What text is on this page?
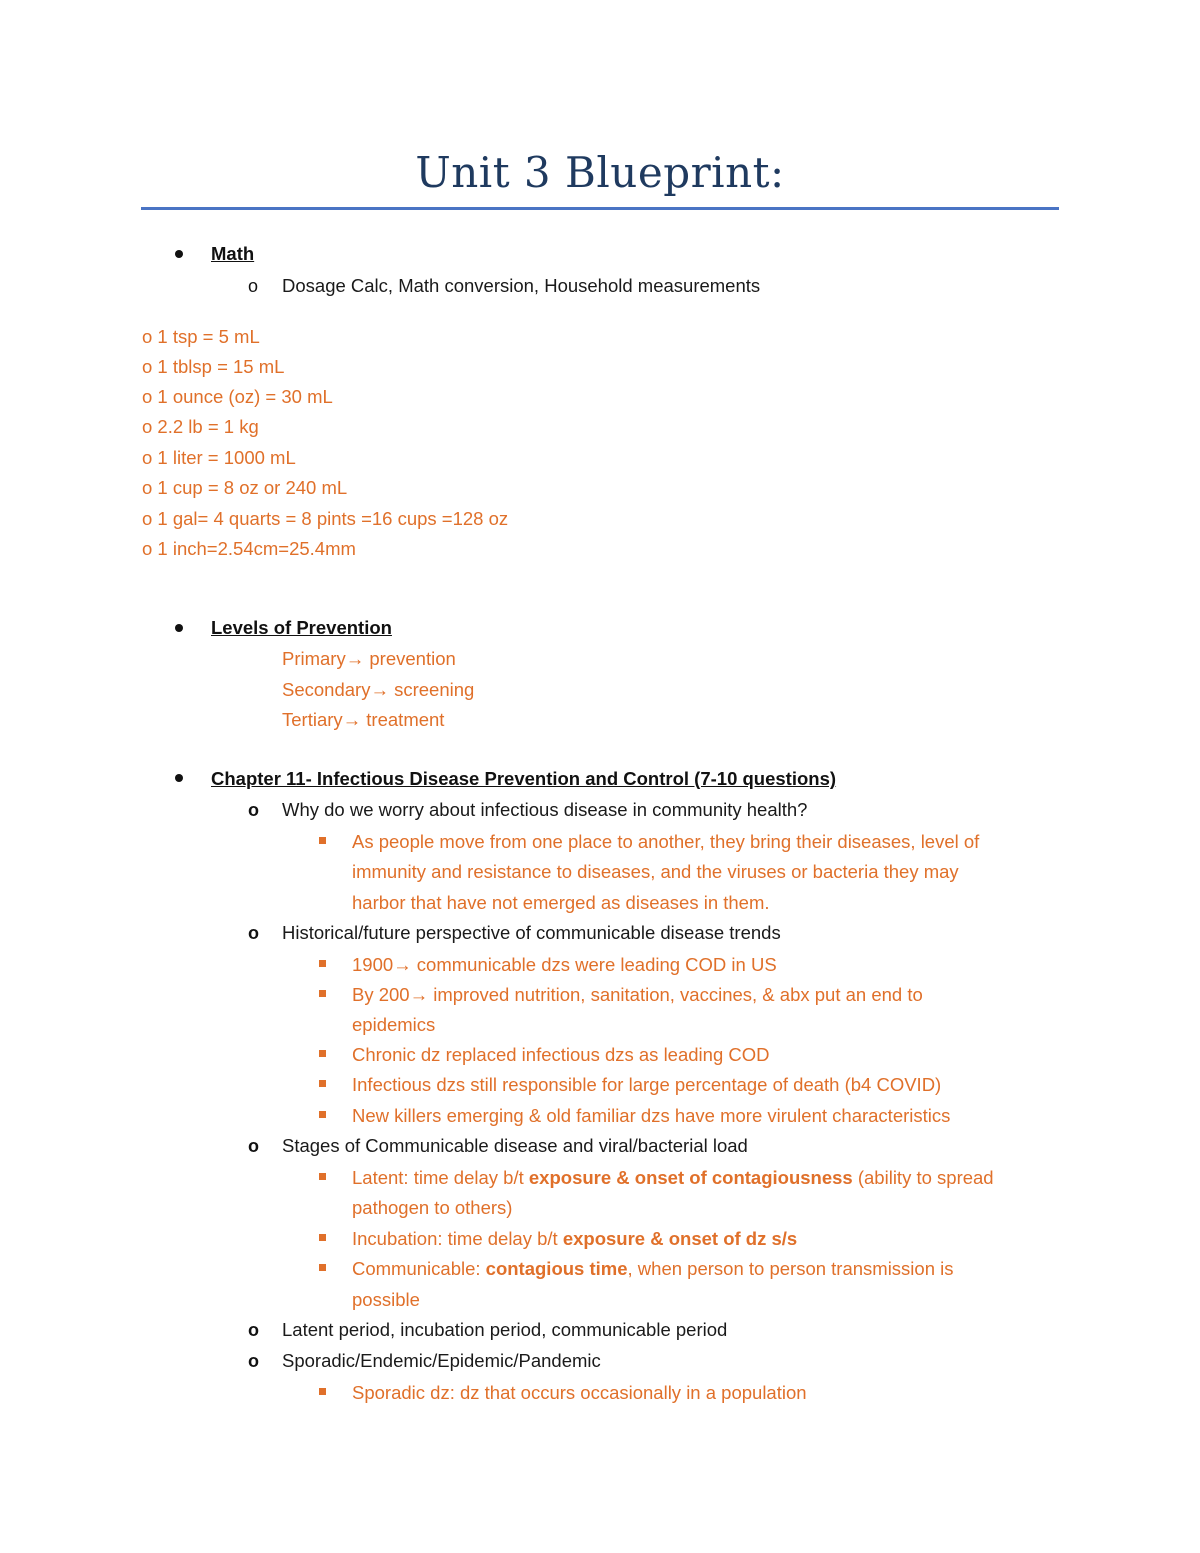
Unit 3 Blueprint:
Math
o Dosage Calc, Math conversion, Household measurements
o 1 tsp = 5 mL
o 1 tblsp = 15 mL
o 1 ounce (oz) = 30 mL
o 2.2 lb = 1 kg
o 1 liter = 1000 mL
o 1 cup = 8 oz or 240 mL
o 1 gal= 4 quarts = 8 pints =16 cups =128 oz
o 1 inch=2.54cm=25.4mm
Levels of Prevention
Primary→ prevention
Secondary→ screening
Tertiary→ treatment
Chapter 11- Infectious Disease Prevention and Control (7-10 questions)
o Why do we worry about infectious disease in community health?
As people move from one place to another, they bring their diseases, level of
immunity and resistance to diseases, and the viruses or bacteria they may
harbor that have not emerged as diseases in them.
o Historical/future perspective of communicable disease trends
1900→ communicable dzs were leading COD in US
By 200→ improved nutrition, sanitation, vaccines, & abx put an end to
epidemics
Chronic dz replaced infectious dzs as leading COD
Infectious dzs still responsible for large percentage of death (b4 COVID)
New killers emerging & old familiar dzs have more virulent characteristics
o Stages of Communicable disease and viral/bacterial load
Latent: time delay b/t exposure & onset of contagiousness (ability to spread
pathogen to others)
Incubation: time delay b/t exposure & onset of dz s/s
Communicable: contagious time, when person to person transmission is
possible
o Latent period, incubation period, communicable period
o Sporadic/Endemic/Epidemic/Pandemic
Sporadic dz: dz that occurs occasionally in a population
